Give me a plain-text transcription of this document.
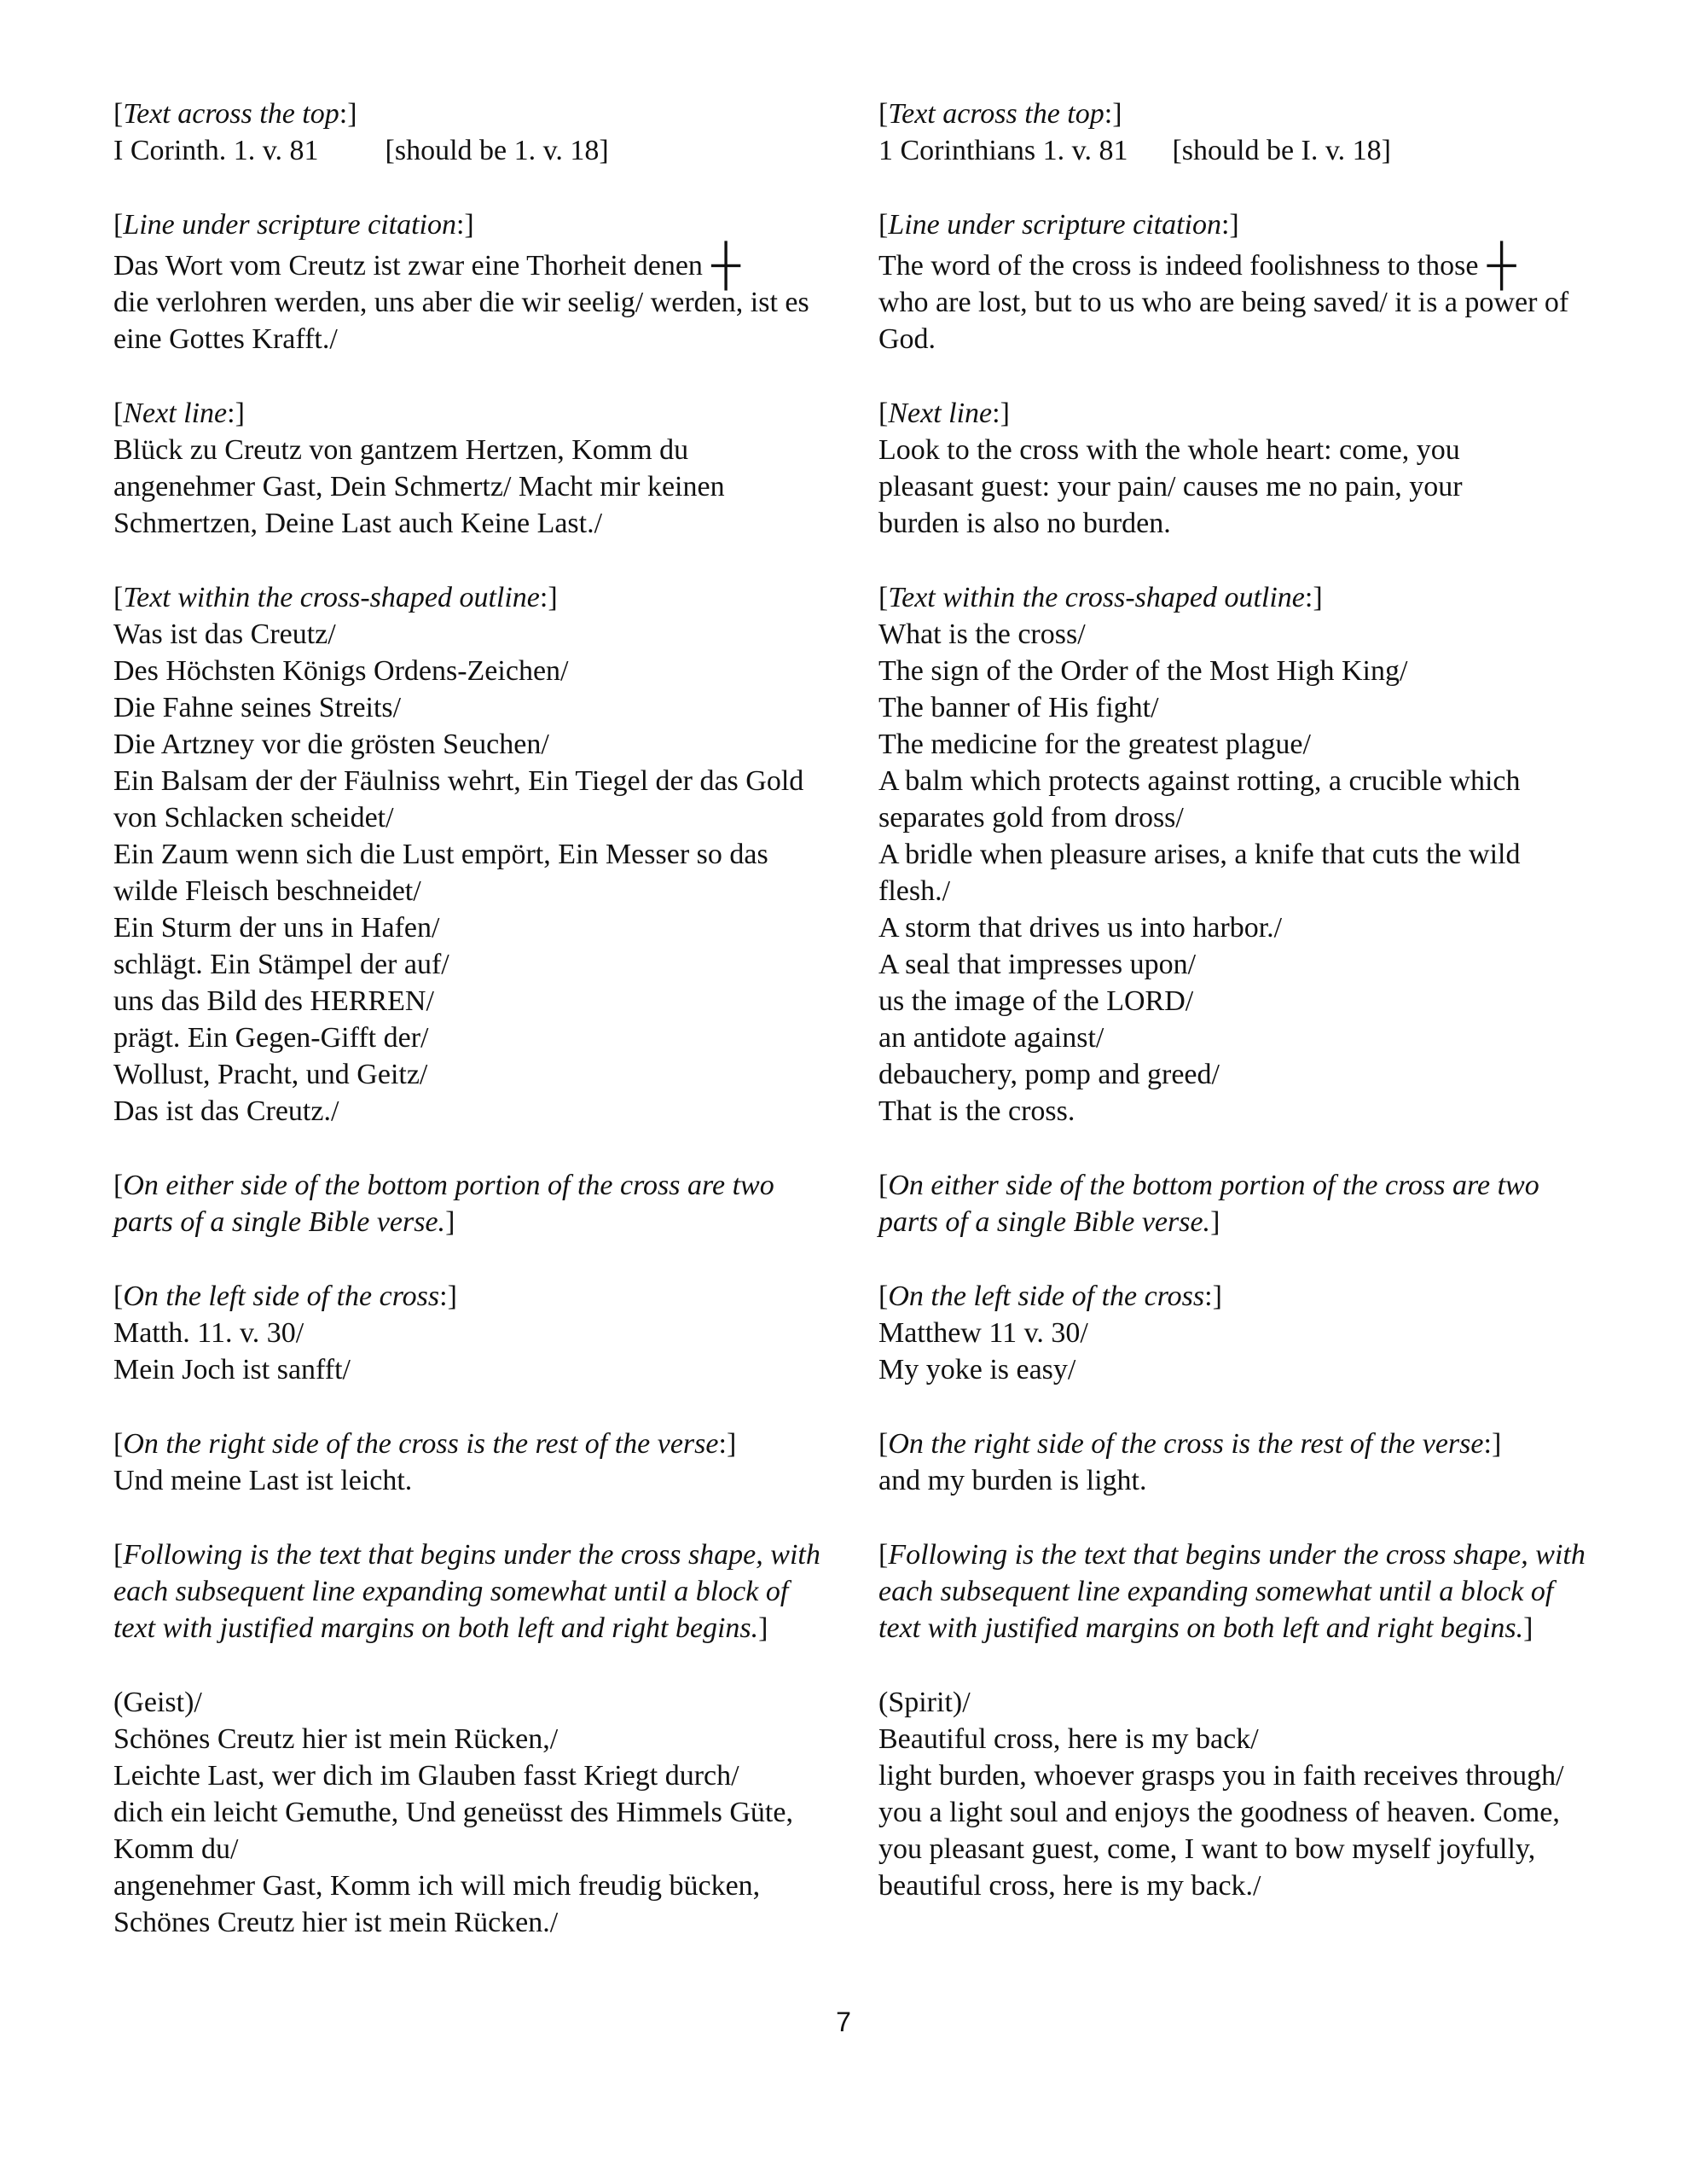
[Text across the top:]
I Corinth. 1. v. 81 [should be 1. v. 18]
[Line under scripture citation:]
Das Wort vom Creutz ist zwar eine Thorheit denen ┼
die verlohren werden, uns aber die wir seelig/ werden, ist es eine Gottes Krafft./
[Next line:]
Blück zu Creutz von gantzem Hertzen, Komm du
angenehmer Gast, Dein Schmertz/ Macht mir keinen
Schmertzen, Deine Last auch Keine Last./
[Text within the cross-shaped outline:]
Was ist das Creutz/
Des Höchsten Königs Ordens-Zeichen/
Die Fahne seines Streits/
Die Artzney vor die grösten Seuchen/
Ein Balsam der der Fäulniss wehrt, Ein Tiegel der das Gold von Schlacken scheidet/
Ein Zaum wenn sich die Lust empört, Ein Messer so das wilde Fleisch beschneidet/
Ein Sturm der uns in Hafen/
schlägt. Ein Stämpel der auf/
uns das Bild des HERREN/
prägt. Ein Gegen-Gifft der/
Wollust, Pracht, und Geitz/
Das ist das Creutz./
[On either side of the bottom portion of the cross are two parts of a single Bible verse.]
[On the left side of the cross:]
Matth. 11. v. 30/
Mein Joch ist sanfft/
[On the right side of the cross is the rest of the verse:]
Und meine Last ist leicht.
[Following is the text that begins under the cross shape, with each subsequent line expanding somewhat until a block of text with justified margins on both left and right begins.]
(Geist)/
Schönes Creutz hier ist mein Rücken,/
Leichte Last, wer dich im Glauben fasst Kriegt durch/
dich ein leicht Gemuthe, Und geneüsst des Himmels Güte, Komm du/
angenehmer Gast, Komm ich will mich freudig bücken, Schönes Creutz hier ist mein Rücken./
[Text across the top:]
1 Corinthians 1. v. 81 [should be I. v. 18]
[Line under scripture citation:]
The word of the cross is indeed foolishness to those ┼
who are lost, but to us who are being saved/ it is a power of God.
[Next line:]
Look to the cross with the whole heart: come, you
pleasant guest: your pain/ causes me no pain, your
burden is also no burden.
[Text within the cross-shaped outline:]
What is the cross/
The sign of the Order of the Most High King/
The banner of His fight/
The medicine for the greatest plague/
A balm which protects against rotting, a crucible which separates gold from dross/
A bridle when pleasure arises, a knife that cuts the wild flesh./
A storm that drives us into harbor./
A seal that impresses upon/
us the image of the LORD/
an antidote against/
debauchery, pomp and greed/
That is the cross.
[On either side of the bottom portion of the cross are two parts of a single Bible verse.]
[On the left side of the cross:]
Matthew 11 v. 30/
My yoke is easy/
[On the right side of the cross is the rest of the verse:]
and my burden is light.
[Following is the text that begins under the cross shape, with each subsequent line expanding somewhat until a block of text with justified margins on both left and right begins.]
(Spirit)/
Beautiful cross, here is my back/
light burden, whoever grasps you in faith receives through/
you a light soul and enjoys the goodness of heaven. Come,
you pleasant guest, come, I want to bow myself joyfully, beautiful cross, here is my back./
7
